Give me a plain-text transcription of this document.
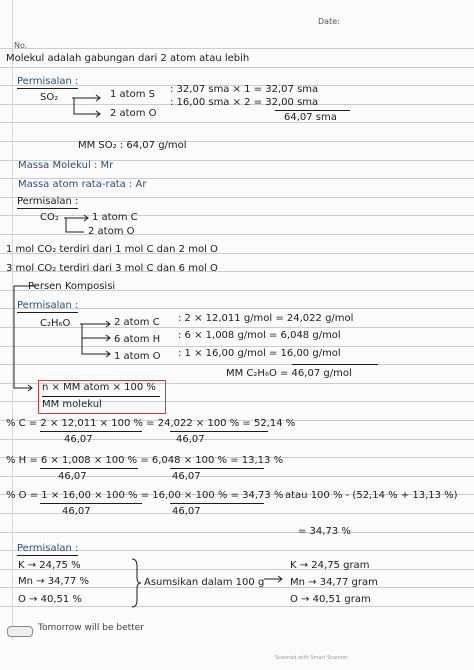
Date:
No.
Molekul adalah gabungan dari 2 atom atau lebih
Permisalan :
SO₂	1 atom S : 32,07 sma × 1 = 32,07 sma
2 atom O
: 16,00 sma × 2 = 32,00 sma
64,07 sma
MM SO₂ : 64,07 g/mol
Massa Molekul : Mr
Massa atom rata-rata : Ar
Permisalan :
CO₂	1 atom C
2 atom O
1 mol CO₂ terdiri dari 1 mol C dan 2 mol O
3 mol CO₂ terdiri dari 3 mol C dan 6 mol O
Persen Komposisi
Permisalan :
C₂H₆O	2 atom C : 2 × 12,011 g/mol = 24,022 g/mol
6 atom H : 6 × 1,008 g/mol = 6,048 g/mol
1 atom O : 1 × 16,00 g/mol = 16,00 g/mol
MM C₂H₆O = 46,07 g/mol
n × MM atom × 100 %
MM molekul
% C = 2 × 12,011 × 100 % = 24,022 × 100 % = 52,14 %
46,07	46,07
% H = 6 × 1,008 × 100 % = 6,048 × 100 % = 13,13 %
46,07	46,07
% O = 1 × 16,00 × 100 % = 16,00 × 100 % = 34,73 % atau 100 % - (52,14 % + 13,13 %)
46,07	46,07
= 34,73 %
Permisalan :
K → 24,75 %
Mn → 34,77 %
O → 40,51 %
Asumsikan dalam 100 g
K → 24,75 gram
Mn → 34,77 gram
O → 40,51 gram
Tomorrow will be better
Scanned with Smart Scanner
